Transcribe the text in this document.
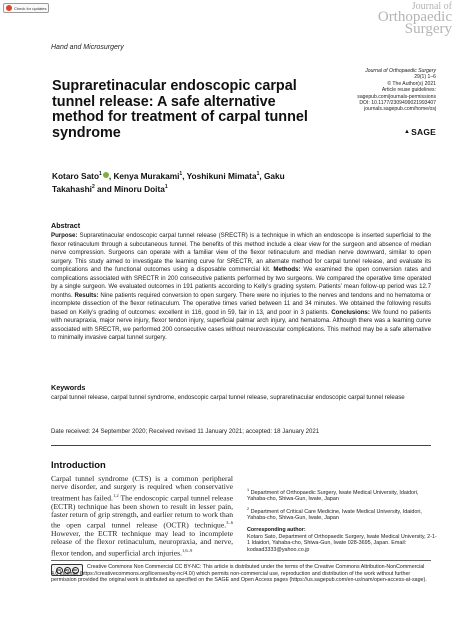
Check for updates	Journal of
Orthopaedic
Surgery
Hand and Microsurgery
Journal of Orthopaedic Surgery
29(1) 1–6
© The Author(s) 2021
Article reuse guidelines:
sagepub.com/journals-permissions
DOI: 10.1177/2309499021993407
journals.sagepub.com/home/osj
▲ SAGE
Supraretinacular endoscopic carpal tunnel release: A safe alternative method for treatment of carpal tunnel syndrome
Kotaro Sato$^1$ , Kenya Murakami$^1$, Yoshikuni Mimata$^1$, Gaku Takahashi$^2$ and Minoru Doita$^1$
Abstract

Purpose: Supraretinacular endoscopic carpal tunnel release (SRECTR) is a technique in which an endoscope is inserted superficial to the flexor retinaculum through a subcutaneous tunnel. The benefits of this method include a clear view for the surgeon and absence of median nerve compression. Surgeons can operate with a familiar view of the flexor retinaculum and median nerve downward, similar to open surgery. This study aimed to investigate the learning curve for SRECTR, an alternate method for carpal tunnel release, and evaluate its complications and the functional outcomes using a disposable commercial kit. Methods: We examined the open conversion rates and complications associated with SRECTR in 200 consecutive patients performed by two surgeons. We compared the operative time operated by a single surgeon. We evaluated outcomes in 191 patients according to Kelly’s grading system. Patients’ mean follow-up period was 12.7 months. Results: Nine patients required conversion to open surgery. There were no injuries to the nerves and tendons and no hematoma or incomplete dissection of the flexor retinaculum. The operative times varied between 11 and 34 minutes. We obtained the following results based on Kelly’s grading of outcomes: excellent in 116, good in 59, fair in 13, and poor in 3 patients. Conclusions: We found no patients with neurapraxia, major nerve injury, flexor tendon injury, superficial palmar arch injury, and hematoma. Although there was a learning curve associated with SRECTR, we performed 200 consecutive cases without neurovascular complications. This method may be a safe alternative to minimally invasive carpal tunnel surgery.

Keywords

carpal tunnel release, carpal tunnel syndrome, endoscopic carpal tunnel release, supraretinacular endoscopic carpal tunnel release

Date received: 24 September 2020; Received revised 11 January 2021; accepted: 18 January 2021
Introduction

Carpal tunnel syndrome (CTS) is a common peripheral nerve disorder, and surgery is required when conservative treatment has failed.$^{1,2}$ The endoscopic carpal tunnel release (ECTR) technique has been shown to result in lesser pain, faster return of grip strength, and earlier return to work than the open carpal tunnel release (OCTR) technique.$^{3-6}$ However, the ECTR technique may lead to incomplete release of the flexor retinaculum, neuropraxia, and nerve, flexor tendon, and superficial arch injuries.$^{1,6-9}$

$^1$ Department of Orthopaedic Surgery, Iwate Medical University, Idaidori, Yahaba-cho, Shiwa-Gun, Iwate, Japan
$^2$ Department of Critical Care Medicine, Iwate Medical University, Idaidori, Yahaba-cho, Shiwa-Gun, Iwate, Japan
Corresponding author:
Kotaro Sato, Department of Orthopaedic Surgery, Iwate Medical University, 2-1-1 Idaidori, Yahaba-cho, Shiwa-Gun, Iwate 028-3695, Japan. Email: kodsad3333@yahoo.co.jp
cc by nc	Creative Commons Non Commercial CC BY-NC: This article is distributed under the terms of the Creative Commons Attribution-NonCommercial 4.0 License (https://creativecommons.org/licenses/by-nc/4.0/) which permits non-commercial use, reproduction and distribution of the work without further permission provided the original work is attributed as specified on the SAGE and Open Access pages (https://us.sagepub.com/en-us/nam/open-access-at-sage).
